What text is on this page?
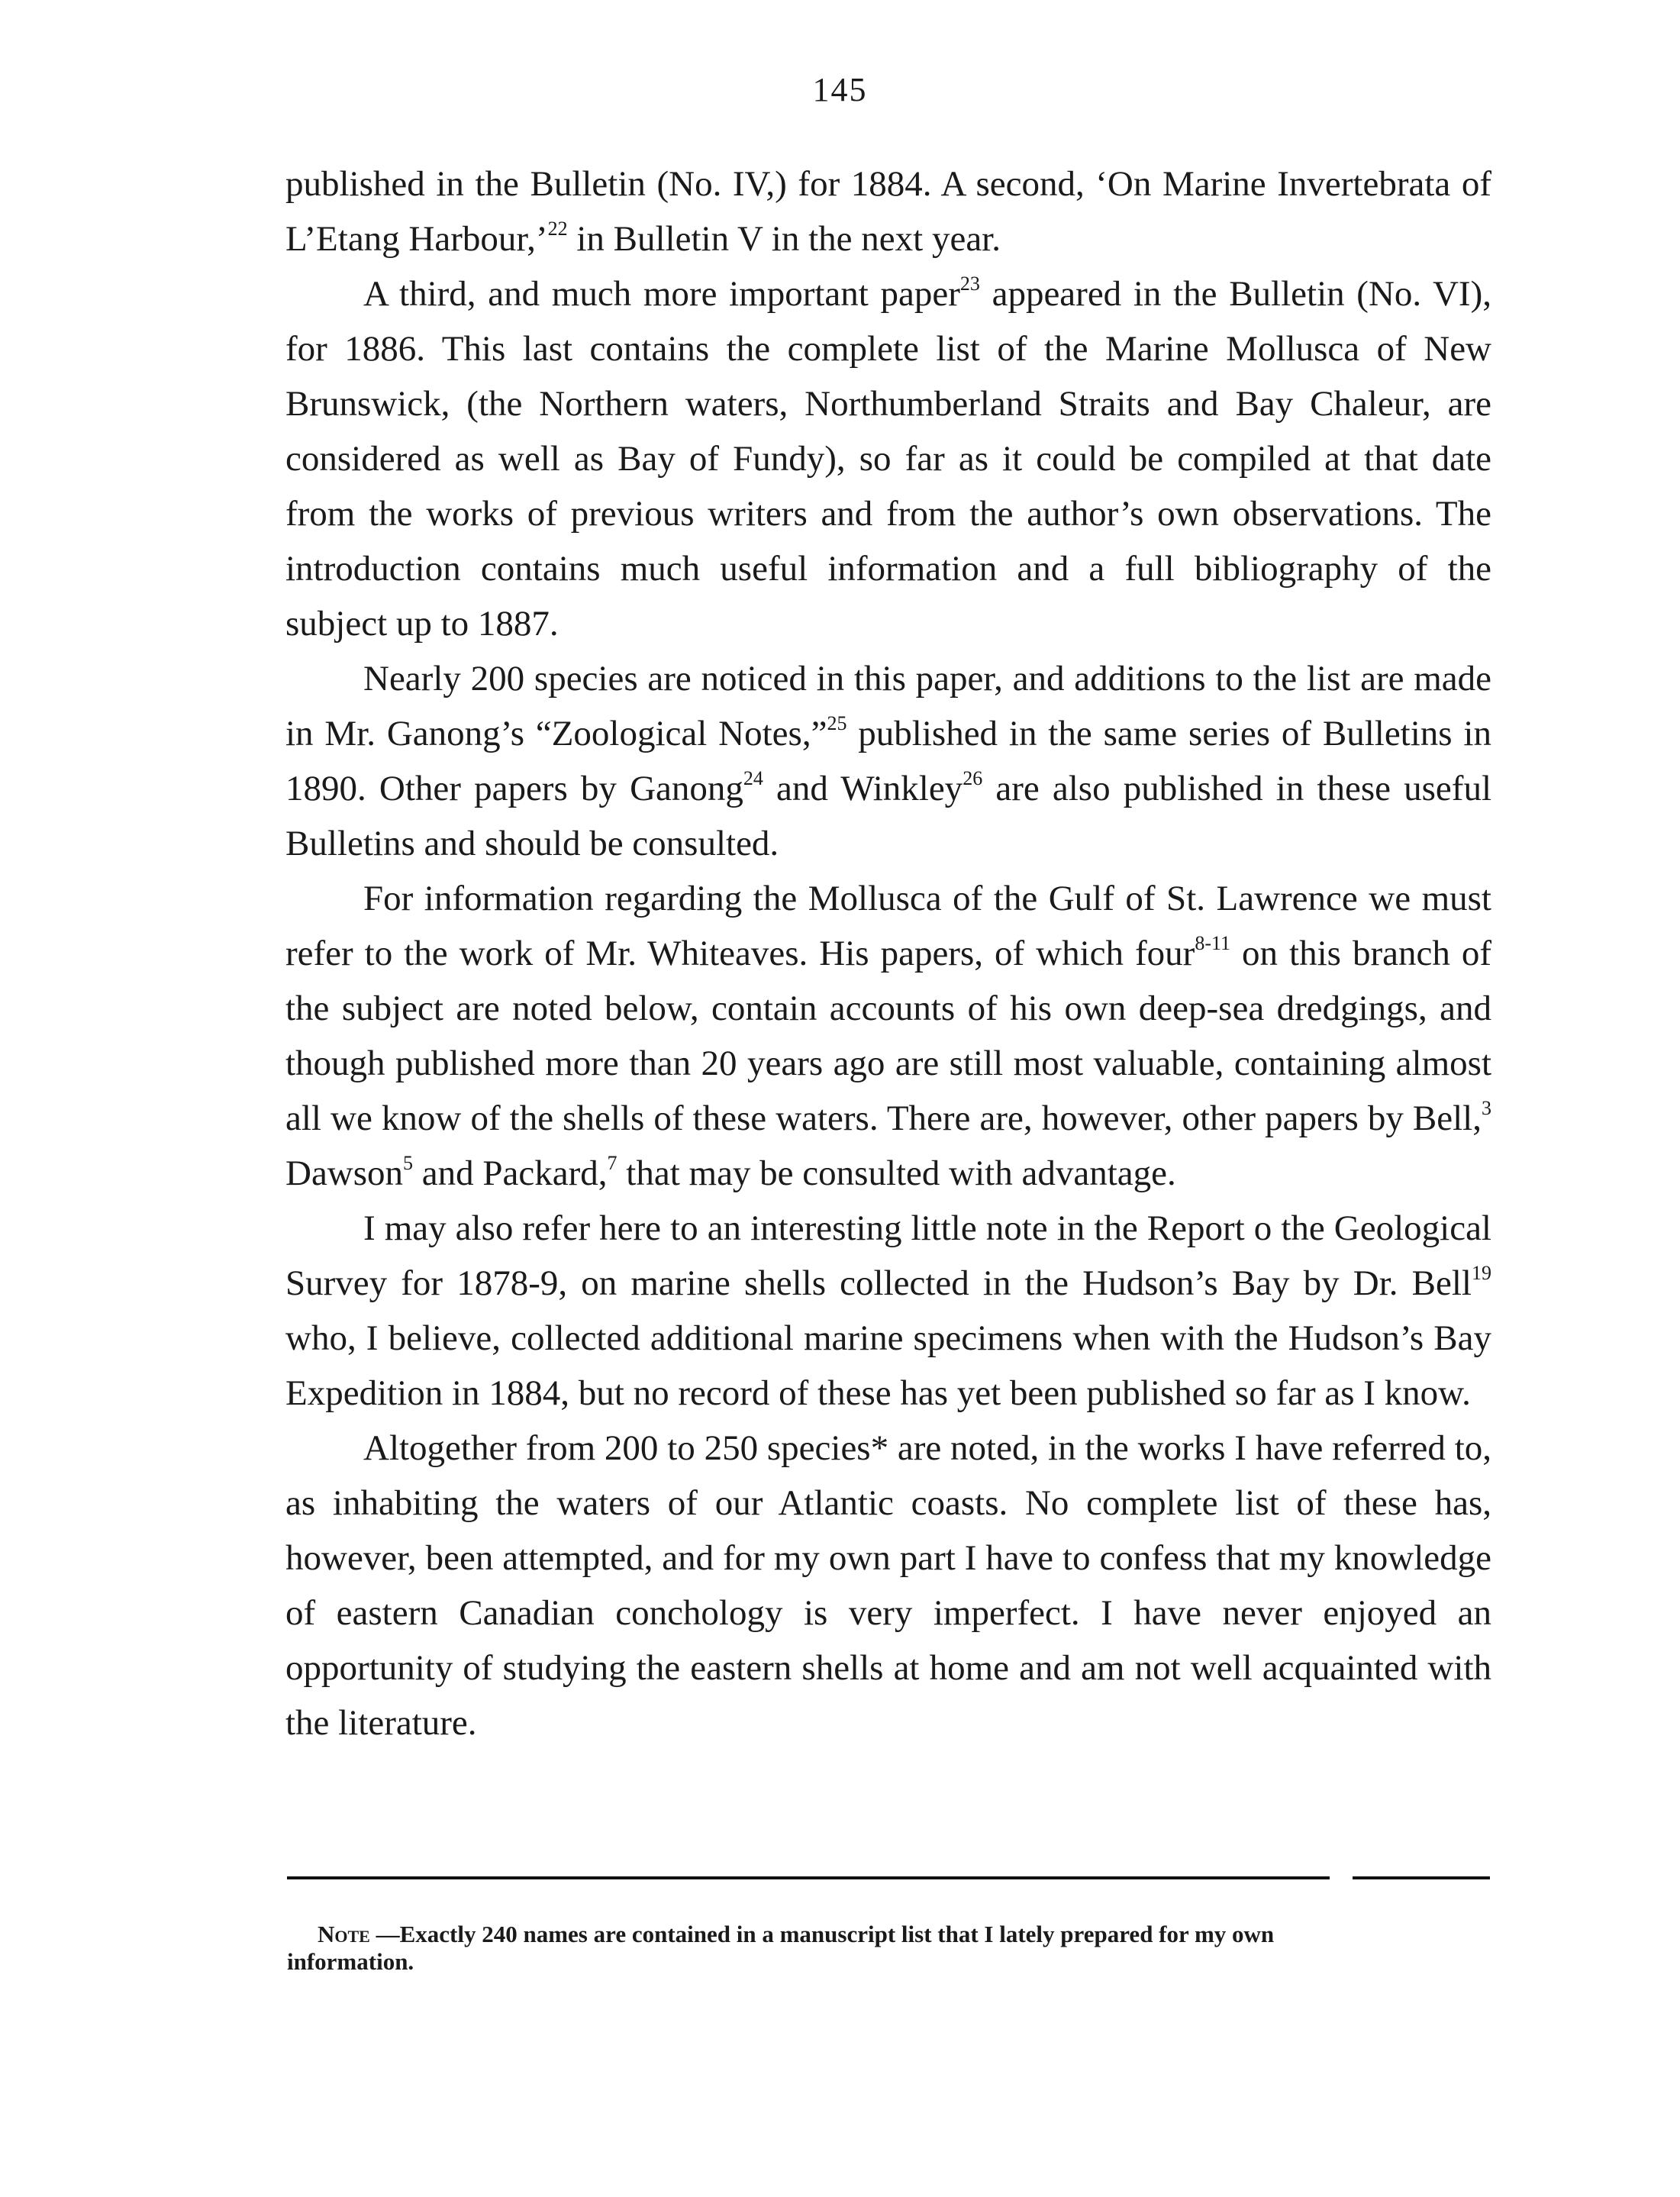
145

published in the Bulletin (No. IV,) for 1884. A second, ‘On Marine Invertebrata of L’Etang Harbour,’$^{22}$ in Bulletin V in the next year.

A third, and much more important paper$^{23}$ appeared in the Bulletin (No. VI), for 1886. This last contains the complete list of the Marine Mollusca of New Brunswick, (the Northern waters, Northumberland Straits and Bay Chaleur, are considered as well as Bay of Fundy), so far as it could be compiled at that date from the works of previous writers and from the author’s own observations. The introduction contains much useful information and a full bibliography of the subject up to 1887.

Nearly 200 species are noticed in this paper, and additions to the list are made in Mr. Ganong’s “Zoological Notes,”$^{25}$ published in the same series of Bulletins in 1890. Other papers by Ganong$^{24}$ and Winkley$^{26}$ are also published in these useful Bulletins and should be consulted.

For information regarding the Mollusca of the Gulf of St. Lawrence we must refer to the work of Mr. Whiteaves. His papers, of which four$^{8-11}$ on this branch of the subject are noted below, contain accounts of his own deep-sea dredgings, and though published more than 20 years ago are still most valuable, containing almost all we know of the shells of these waters. There are, however, other papers by Bell,$^3$ Dawson$^5$ and Packard,$^7$ that may be consulted with advantage.

I may also refer here to an interesting little note in the Report o the Geological Survey for 1878-9, on marine shells collected in the Hudson’s Bay by Dr. Bell$^{19}$ who, I believe, collected additional marine specimens when with the Hudson’s Bay Expedition in 1884, but no record of these has yet been published so far as I know.

Altogether from 200 to 250 species* are noted, in the works I have referred to, as inhabiting the waters of our Atlantic coasts. No complete list of these has, however, been attempted, and for my own part I have to confess that my knowledge of eastern Canadian conchology is very imperfect. I have never enjoyed an opportunity of studying the eastern shells at home and am not well acquainted with the literature.

Note —Exactly 240 names are contained in a manuscript list that I lately prepared for my own
information.
